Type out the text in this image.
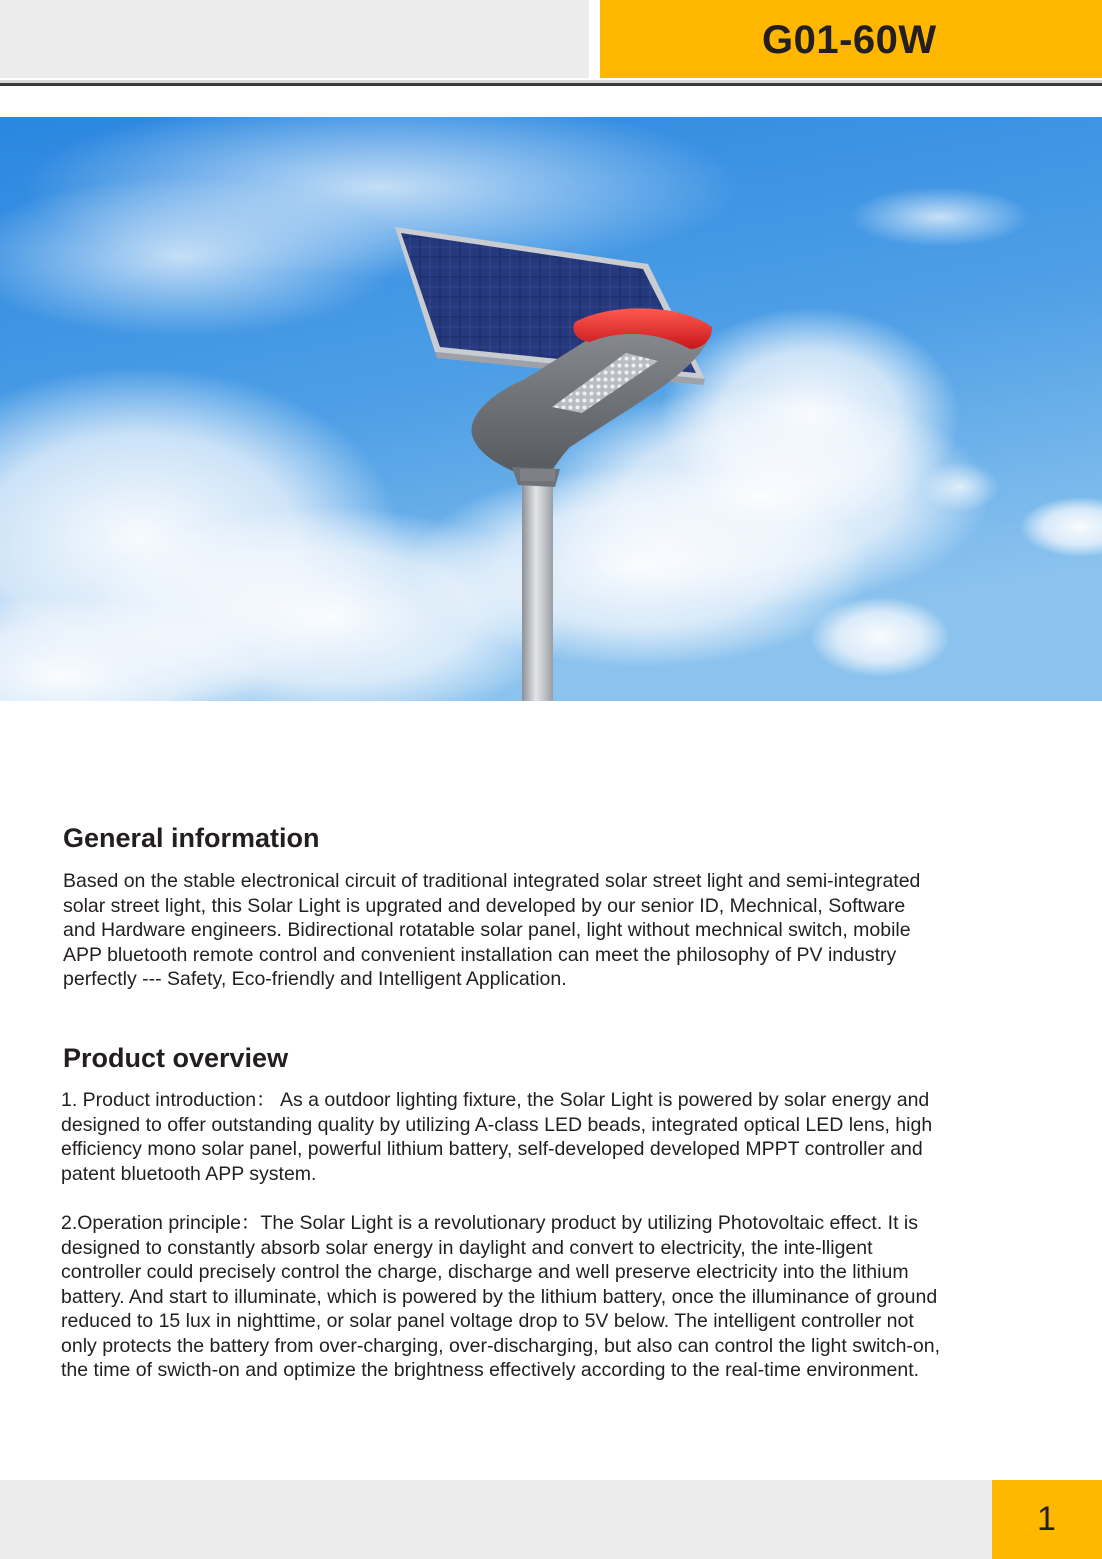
G01-60W
General information
Based on the stable electronical circuit of traditional integrated solar street light and semi-integrated
solar street light, this Solar Light is upgrated and developed by our senior ID, Mechnical, Software
and Hardware engineers. Bidirectional rotatable solar panel, light without mechnical switch, mobile
APP bluetooth remote control and convenient installation can meet the philosophy of PV industry
perfectly --- Safety, Eco-friendly and Intelligent Application.
Product overview
1. Product introduction： As a outdoor lighting fixture, the Solar Light is powered by solar energy and
designed to offer outstanding quality by utilizing A-class LED beads, integrated optical LED lens, high
efficiency mono solar panel, powerful lithium battery, self-developed developed MPPT controller and
patent bluetooth APP system.
2.Operation principle：The Solar Light is a revolutionary product by utilizing Photovoltaic effect. It is
designed to constantly absorb solar energy in daylight and convert to electricity, the inte-lligent
controller could precisely control the charge, discharge and well preserve electricity into the lithium
battery. And start to illuminate, which is powered by the lithium battery, once the illuminance of ground
reduced to 15 lux in nighttime, or solar panel voltage drop to 5V below. The intelligent controller not
only protects the battery from over-charging, over-discharging, but also can control the light switch-on,
the time of swicth-on and optimize the brightness effectively according to the real-time environment.
1
